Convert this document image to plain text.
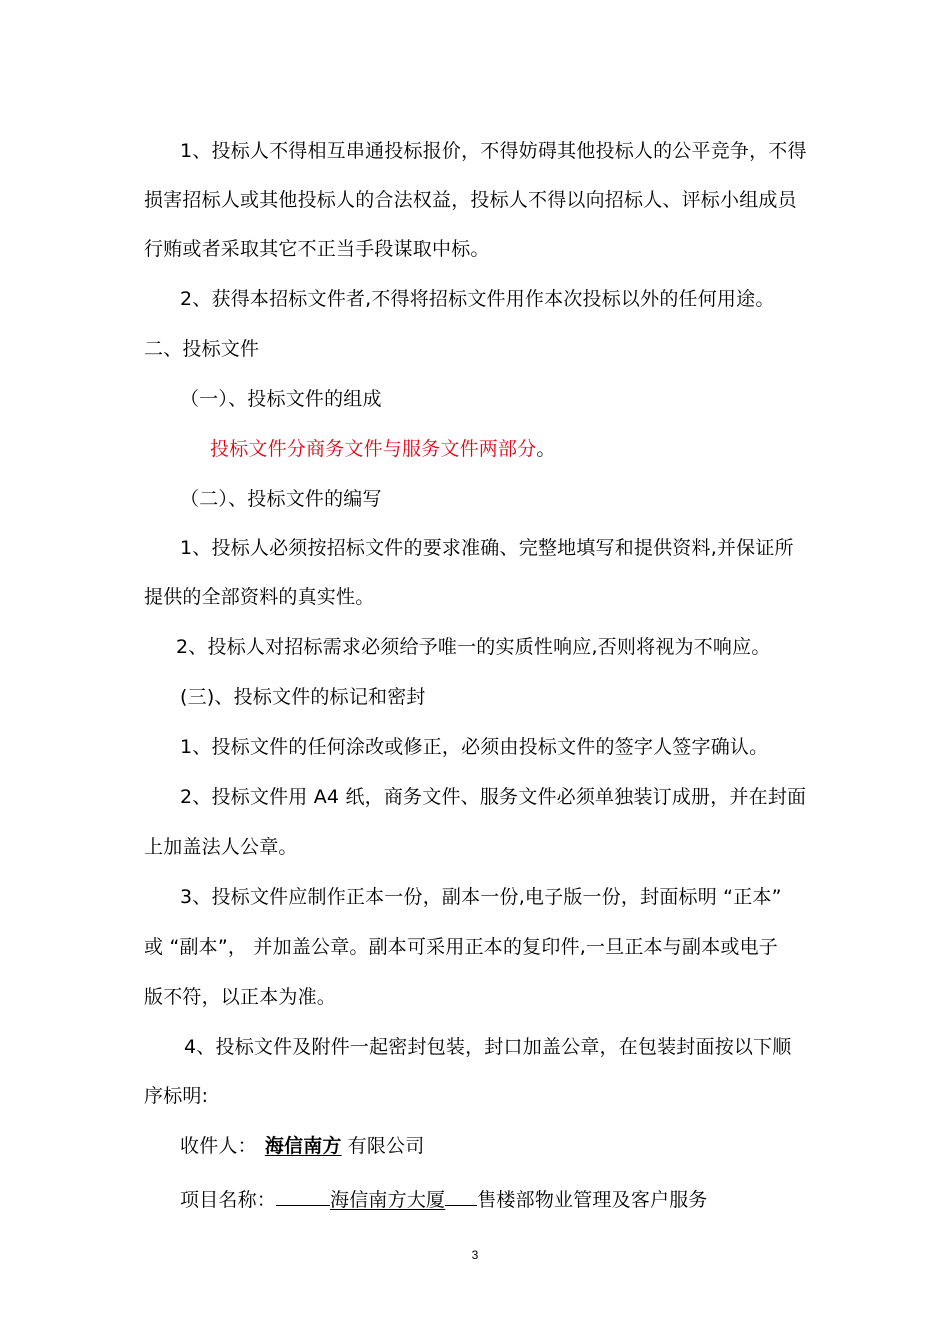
1、投标人不得相互串通投标报价，不得妨碍其他投标人的公平竞争，不得
损害招标人或其他投标人的合法权益，投标人不得以向招标人、评标小组成员
行贿或者采取其它不正当手段谋取中标。
2、获得本招标文件者,不得将招标文件用作本次投标以外的任何用途。
二、投标文件
（一）、投标文件的组成
投标文件分商务文件与服务文件两部分。
（二）、投标文件的编写
1、投标人必须按招标文件的要求准确、完整地填写和提供资料,并保证所
提供的全部资料的真实性。
2、投标人对招标需求必须给予唯一的实质性响应,否则将视为不响应。
(三)、投标文件的标记和密封
1、投标文件的任何涂改或修正，必须由投标文件的签字人签字确认。
2、投标文件用 A4 纸，商务文件、服务文件必须单独装订成册，并在封面
上加盖法人公章。
3、投标文件应制作正本一份，副本一份,电子版一份，封面标明 “正本”
或 “副本”， 并加盖公章。副本可采用正本的复印件,一旦正本与副本或电子
版不符，以正本为准。
4、投标文件及附件一起密封包装，封口加盖公章，在包装封面按以下顺
序标明:
收件人： 海信南方 有限公司
项目名称：	海信南方大厦 售楼部物业管理及客户服务
3
